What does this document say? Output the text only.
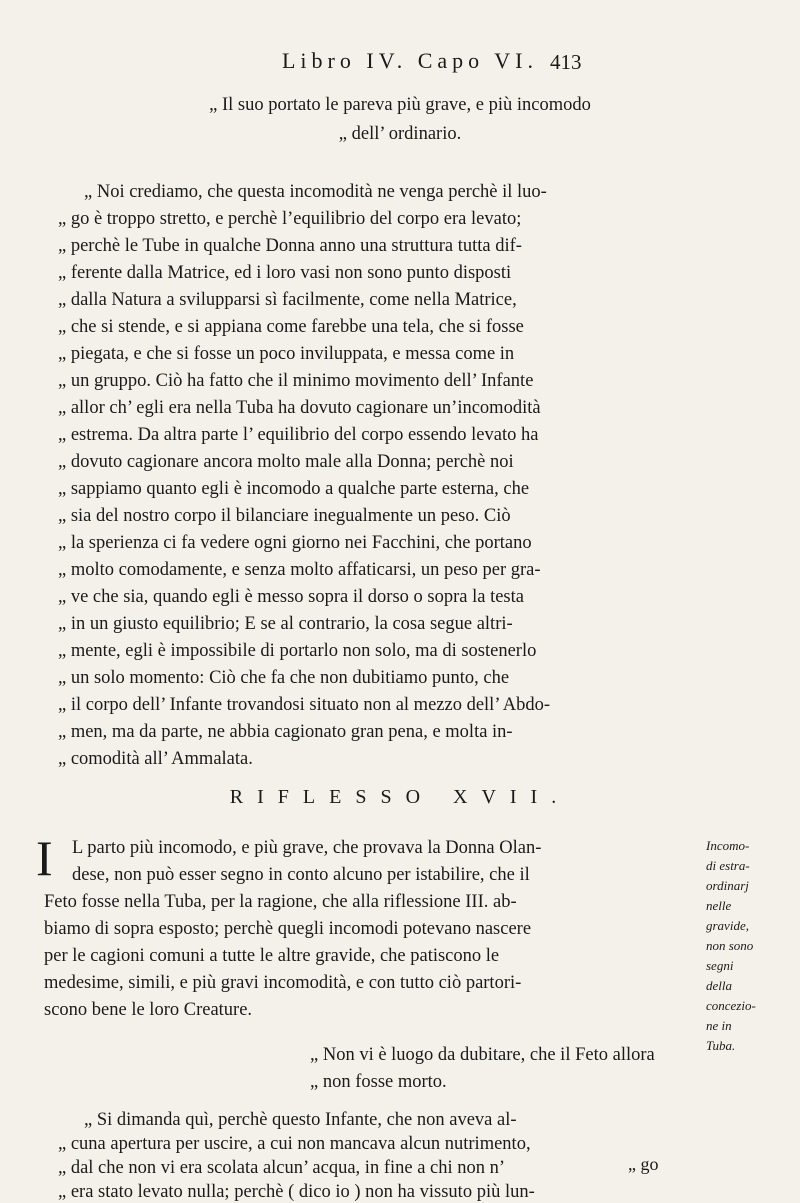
Libro IV. Capo VI. 413
„ Il suo portato le pareva più grave, e più incomodo
„ dell’ ordinario.
„ Noi crediamo, che questa incomodità ne venga perchè il luo-
„ go è troppo stretto, e perchè l’equilibrio del corpo era levato;
„ perchè le Tube in qualche Donna anno una struttura tutta dif-
„ ferente dalla Matrice, ed i loro vasi non sono punto disposti
„ dalla Natura a svilupparsi sì facilmente, come nella Matrice,
„ che si stende, e si appiana come farebbe una tela, che si fosse
„ piegata, e che si fosse un poco inviluppata, e messa come in
„ un gruppo. Ciò ha fatto che il minimo movimento dell’ Infante
„ allor ch’ egli era nella Tuba ha dovuto cagionare un’incomodità
„ estrema. Da altra parte l’ equilibrio del corpo essendo levato ha
„ dovuto cagionare ancora molto male alla Donna; perchè noi
„ sappiamo quanto egli è incomodo a qualche parte esterna, che
„ sia del nostro corpo il bilanciare inegualmente un peso. Ciò
„ la sperienza ci fa vedere ogni giorno nei Facchini, che portano
„ molto comodamente, e senza molto affaticarsi, un peso per gra-
„ ve che sia, quando egli è messo sopra il dorso o sopra la testa
„ in un giusto equilibrio; E se al contrario, la cosa segue altri-
„ mente, egli è impossibile di portarlo non solo, ma di sostenerlo
„ un solo momento: Ciò che fa che non dubitiamo punto, che
„ il corpo dell’ Infante trovandosi situato non al mezzo dell’ Abdo-
„ men, ma da parte, ne abbia cagionato gran pena, e molta in-
„ comodità all’ Ammalata.
RIFLESSO XVII.
I L parto più incomodo, e più grave, che provava la Donna Olan-
dese, non può esser segno in conto alcuno per istabilire, che il
Feto fosse nella Tuba, per la ragione, che alla riflessione III. ab-
biamo di sopra esposto; perchè quegli incomodi potevano nascere
per le cagioni comuni a tutte le altre gravide, che patiscono le
medesime, simili, e più gravi incomodità, e con tutto ciò partori-
scono bene le loro Creature.
Incomo-
di estra-
ordinarj
nelle
gravide,
non sono
segni
della
concezio-
ne in
Tuba.
„ Non vi è luogo da dubitare, che il Feto allora
„ non fosse morto.
„ Si dimanda quì, perchè questo Infante, che non aveva al-
„ cuna apertura per uscire, a cui non mancava alcun nutrimento,
„ dal che non vi era scolata alcun’ acqua, in fine a chi non n’
„ era stato levato nulla; perchè ( dico io ) non ha vissuto più lun-
„ go
